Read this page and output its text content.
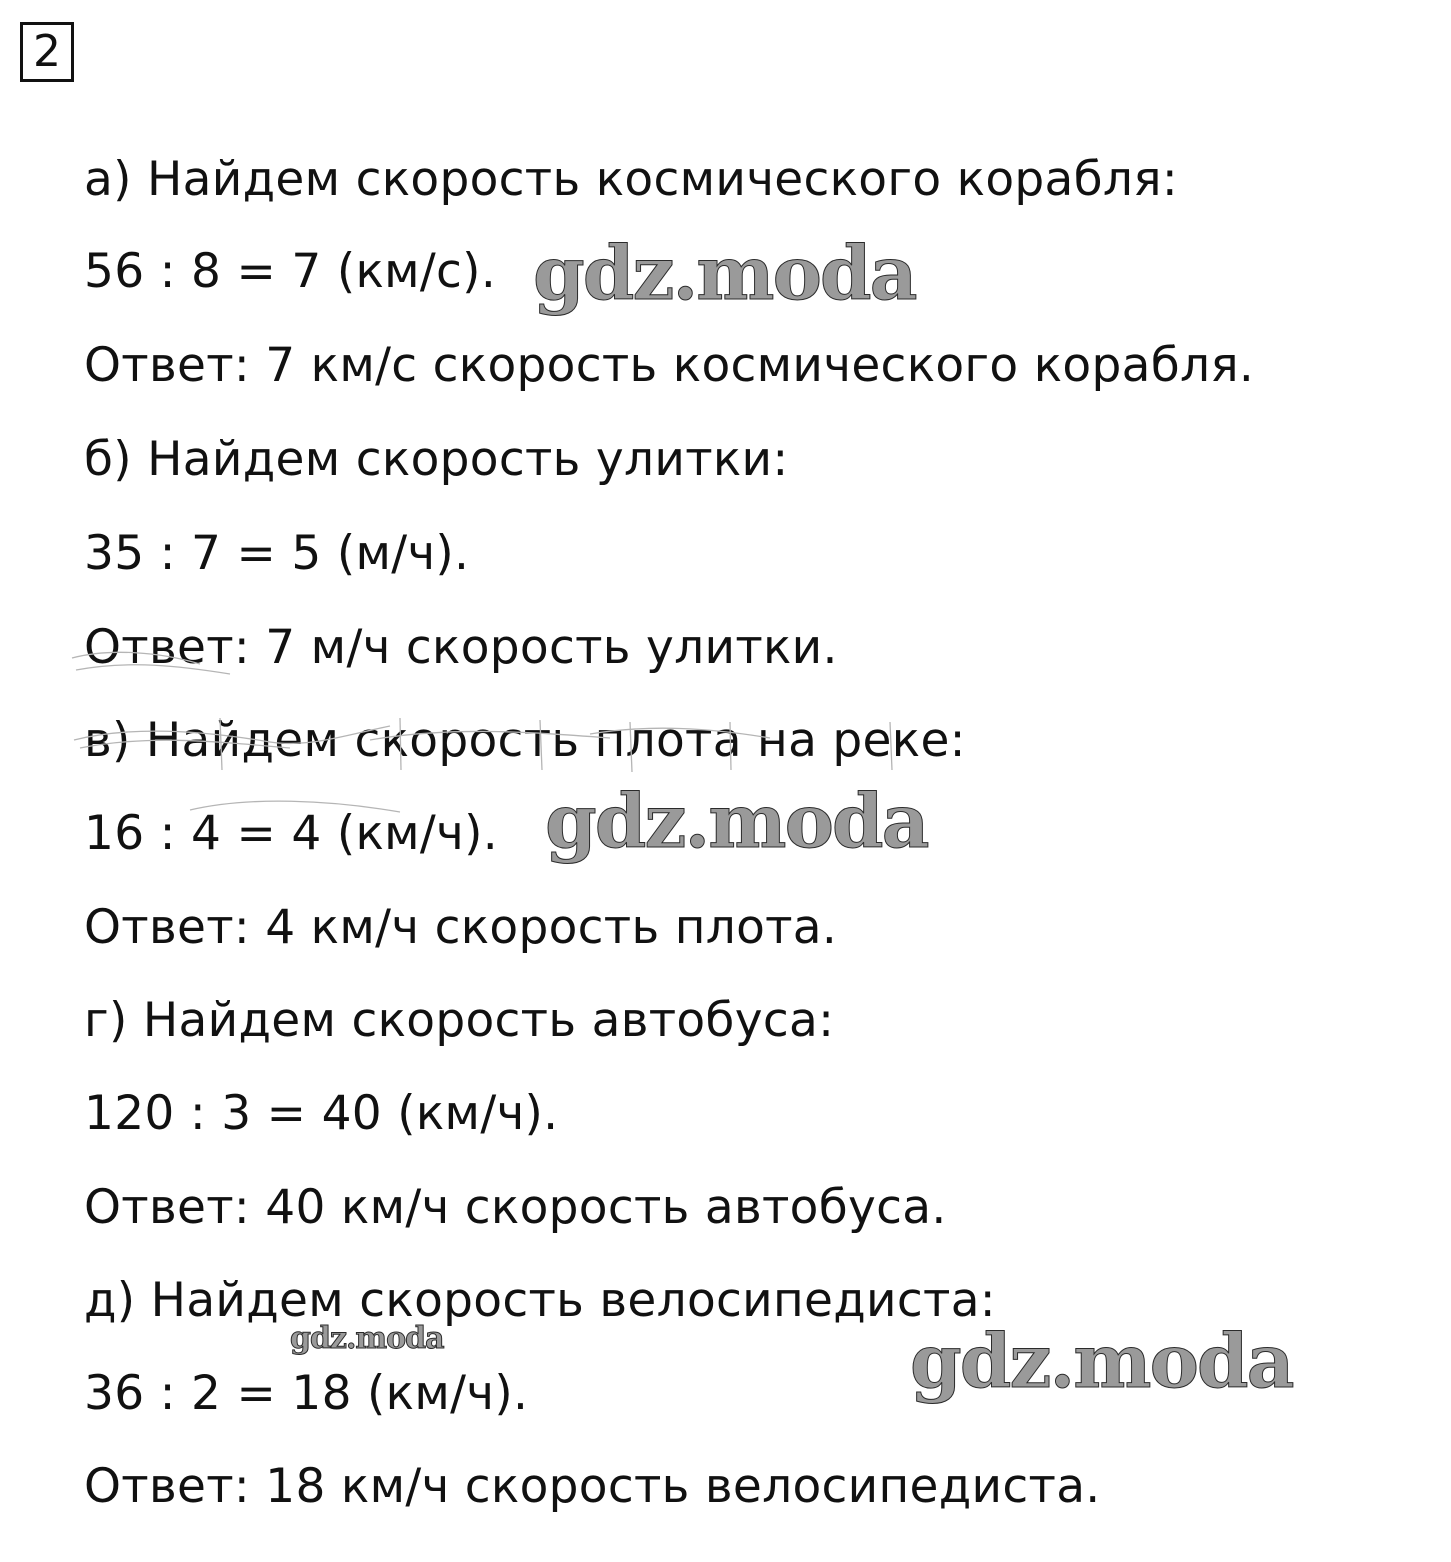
2
а) Найдем скорость космического корабля:
56 : 8 = 7 (км/с).
Ответ: 7 км/с скорость космического корабля.
б) Найдем скорость улитки:
35 : 7 = 5 (м/ч).
Ответ: 7 м/ч скорость улитки.
в) Найдем скорость плота на реке:
16 : 4 = 4 (км/ч).
Ответ: 4 км/ч скорость плота.
г) Найдем скорость автобуса:
120 : 3 = 40 (км/ч).
Ответ: 40 км/ч скорость автобуса.
д) Найдем скорость велосипедиста:
36 : 2 = 18 (км/ч).
Ответ: 18 км/ч скорость велосипедиста.
gdz.moda
gdz.moda
gdz.moda	gdz.moda
